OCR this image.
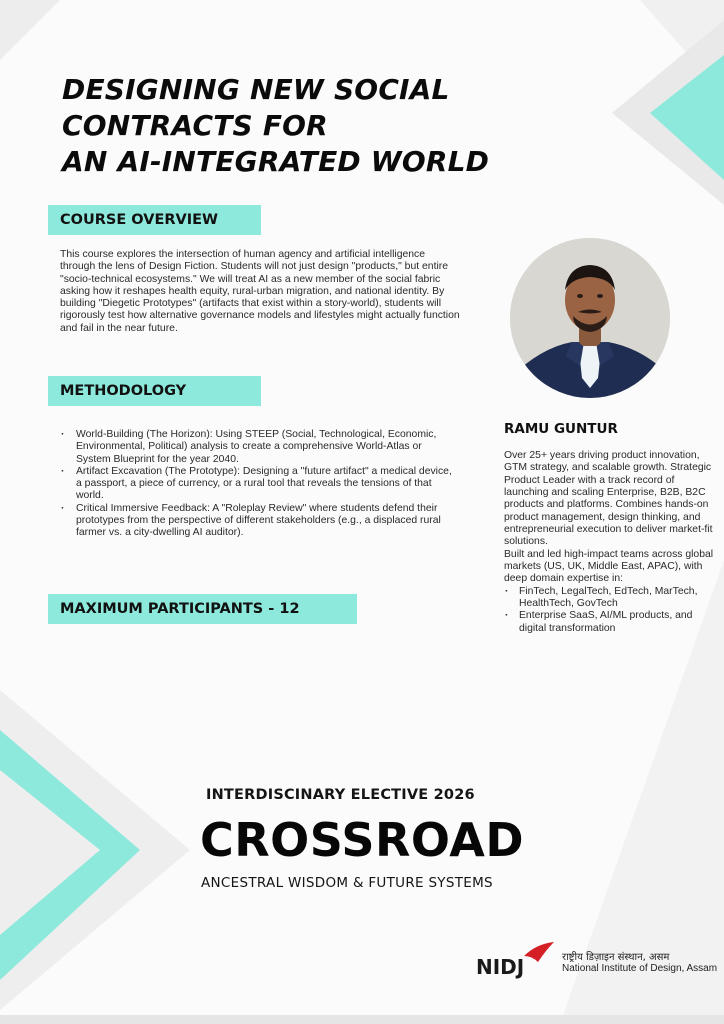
DESIGNING NEW SOCIAL
CONTRACTS FOR
AN AI-INTEGRATED WORLD
COURSE OVERVIEW

This course explores the intersection of human agency and artificial intelligence through the lens of Design Fiction. Students will not just design "products," but entire "socio-technical ecosystems." We will treat AI as a new member of the social fabric asking how it reshapes health equity, rural-urban migration, and national identity. By building "Diegetic Prototypes" (artifacts that exist within a story-world), students will rigorously test how alternative governance models and lifestyles might actually function and fail in the near future.

METHODOLOGY
· World-Building (The Horizon): Using STEEP (Social, Technological, Economic, Environmental, Political) analysis to create a comprehensive World-Atlas or System Blueprint for the year 2040.
· Artifact Excavation (The Prototype): Designing a "future artifact" a medical device, a passport, a piece of currency, or a rural tool that reveals the tensions of that world.
· Critical Immersive Feedback: A "Roleplay Review" where students defend their prototypes from the perspective of different stakeholders (e.g., a displaced rural farmer vs. a city-dwelling AI auditor).
MAXIMUM PARTICIPANTS - 12
RAMU GUNTUR

Over 25+ years driving product innovation, GTM strategy, and scalable growth. Strategic Product Leader with a track record of launching and scaling Enterprise, B2B, B2C products and platforms. Combines hands-on product management, design thinking, and entrepreneurial execution to deliver market-fit solutions.

Built and led high-impact teams across global markets (US, UK, Middle East, APAC), with deep domain expertise in:

· FinTech, LegalTech, EdTech, MarTech, HealthTech, GovTech
· Enterprise SaaS, AI/ML products, and digital transformation
INTERDISCINARY ELECTIVE 2026
CROSSROAD
ANCESTRAL WISDOM & FUTURE SYSTEMS
NIDJ	राष्ट्रीय डिज़ाइन संस्थान, असम
National Institute of Design, Assam
